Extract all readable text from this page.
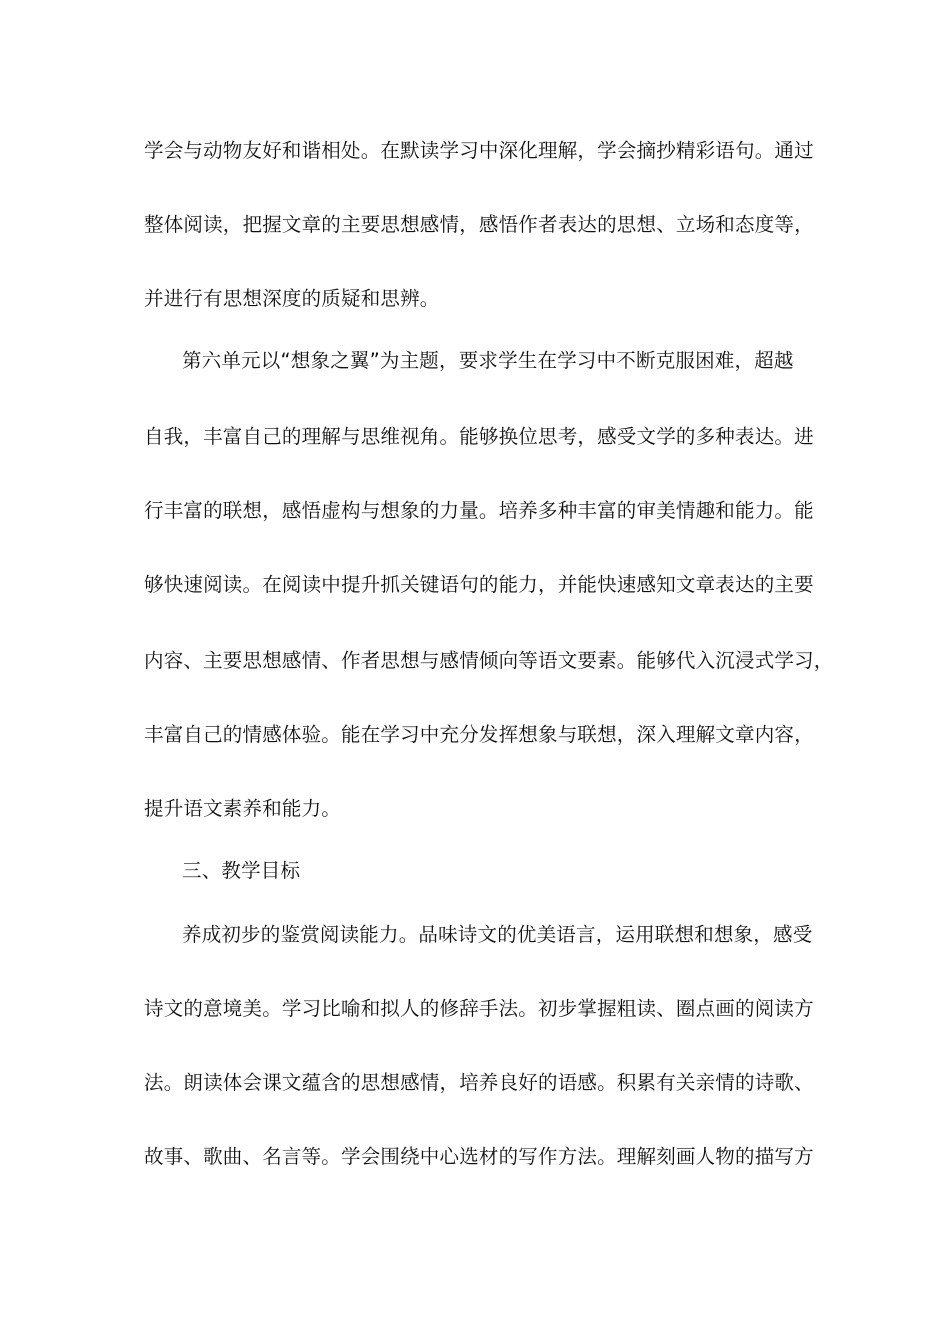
学会与动物友好和谐相处。在默读学习中深化理解，学会摘抄精彩语句。通过
整体阅读，把握文章的主要思想感情，感悟作者表达的思想、立场和态度等，
并进行有思想深度的质疑和思辨。
第六单元以“想象之翼”为主题，要求学生在学习中不断克服困难，超越
自我，丰富自己的理解与思维视角。能够换位思考，感受文学的多种表达。进
行丰富的联想，感悟虚构与想象的力量。培养多种丰富的审美情趣和能力。能
够快速阅读。在阅读中提升抓关键语句的能力，并能快速感知文章表达的主要
内容、主要思想感情、作者思想与感情倾向等语文要素。能够代入沉浸式学习，
丰富自己的情感体验。能在学习中充分发挥想象与联想，深入理解文章内容，
提升语文素养和能力。
三、教学目标
养成初步的鉴赏阅读能力。品味诗文的优美语言，运用联想和想象，感受
诗文的意境美。学习比喻和拟人的修辞手法。初步掌握粗读、圈点画的阅读方
法。朗读体会课文蕴含的思想感情，培养良好的语感。积累有关亲情的诗歌、
故事、歌曲、名言等。学会围绕中心选材的写作方法。理解刻画人物的描写方
